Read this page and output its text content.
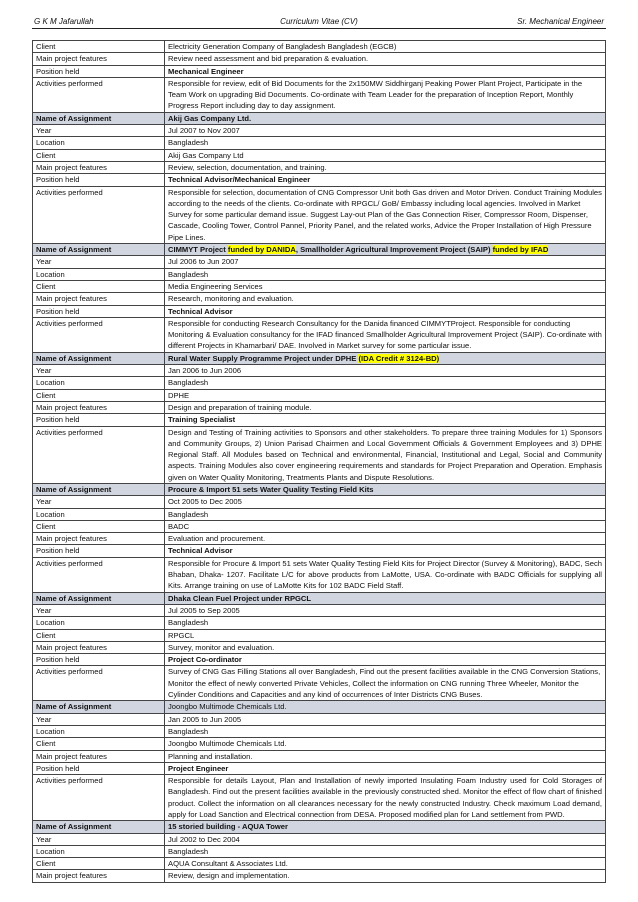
G K M Jafarullah	Curriculum Vitae (CV)	Sr. Mechanical Engineer
Client	Electricity Generation Company of Bangladesh Bangladesh (EGCB)
Main project features	Review need assessment and bid preparation & evaluation.
Position held	Mechanical Engineer
Activities performed	Responsible for review, edit of Bid Documents for the 2x150MW Siddhirganj Peaking Power Plant Project, Participate in the Team Work on upgrading Bid Documents. Co-ordinate with Team Leader for the preparation of Inception Report, Monthly Progress Report including day to day assignment.
Name of Assignment	Akij Gas Company Ltd.
Year	Jul 2007 to Nov 2007
Location	Bangladesh
Client	Akij Gas Company Ltd
Main project features	Review, selection, documentation, and training.
Position held	Technical Advisor/Mechanical Engineer
Activities performed	Responsible for selection, documentation of CNG Compressor Unit both Gas driven and Motor Driven. Conduct Training Modules according to the needs of the clients. Co-ordinate with RPGCL/ GoB/ Embassy including local agencies. Involved in Market Survey for some particular demand issue. Suggest Lay-out Plan of the Gas Connection Riser, Compressor Room, Dispenser, Cascade, Cooling Tower, Control Pannel, Priority Panel, and the related works, Advice the Proper Installation of High Pressure Pipe Lines.
Name of Assignment	CIMMYT Project funded by DANIDA, Smallholder Agricultural Improvement Project (SAIP) funded by IFAD
Year	Jul 2006 to Jun 2007
Location	Bangladesh
Client	Media Engineering Services
Main project features	Research, monitoring and evaluation.
Position held	Technical Advisor
Activities performed	Responsible for conducting Research Consultancy for the Danida financed CIMMYTProject. Responsible for conducting Monitoring & Evaluation consultancy for the IFAD financed Smallholder Agricultural Improvement Project (SAIP). Co-ordinate with different Projects in Khamarbari/ DAE. Involved in Market survey for some particular issue.
Name of Assignment	Rural Water Supply Programme Project under DPHE (IDA Credit # 3124-BD)
Year	Jan 2006 to Jun 2006
Location	Bangladesh
Client	DPHE
Main project features	Design and preparation of training module.
Position held	Training Specialist
Activities performed	Design and Testing of Training activities to Sponsors and other stakeholders. To prepare three training Modules for 1) Sponsors and Community Groups, 2) Union Parisad Chairmen and Local Government Officials & Government Employees and 3) DPHE Regional Staff. All Modules based on Technical and environmental, Financial, Institutional and Legal, Social and Community aspects. Training Modules also cover engineering requirements and standards for Project Preparation and Operation. Emphasis given on Water Quality Monitoring, Treatments Plants and Dispute Resolutions.
Name of Assignment	Procure & Import 51 sets Water Quality Testing Field Kits
Year	Oct 2005 to Dec 2005
Location	Bangladesh
Client	BADC
Main project features	Evaluation and procurement.
Position held	Technical Advisor
Activities performed	Responsible for Procure & Import 51 sets Water Quality Testing Field Kits for Project Director (Survey & Monitoring), BADC, Sech Bhaban, Dhaka- 1207. Facilitate L/C for above products from LaMotte, USA. Co-ordinate with BADC Officials for supplying all Kits. Arrange training on use of LaMotte Kits for 102 BADC Field Staff.
Name of Assignment	Dhaka Clean Fuel Project under RPGCL
Year	Jul 2005 to Sep 2005
Location	Bangladesh
Client	RPGCL
Main project features	Survey, monitor and evaluation.
Position held	Project Co-ordinator
Activities performed	Survey of CNG Gas Filling Stations all over Bangladesh, Find out the present facilities available in the CNG Conversion Stations, Monitor the effect of newly converted Private Vehicles, Collect the information on CNG running Three Wheeler, Monitor the Cylinder Conditions and Capacities and any kind of occurrences of Inter Districts CNG Buses.
Name of Assignment	Joongbo Multimode Chemicals Ltd.
Year	Jan 2005 to Jun 2005
Location	Bangladesh
Client	Joongbo Multimode Chemicals Ltd.
Main project features	Planning and installation.
Position held	Project Engineer
Activities performed	Responsible for details Layout, Plan and Installation of newly imported Insulating Foam Industry used for Cold Storages of Bangladesh. Find out the present facilities available in the previously constructed shed. Monitor the effect of flow chart of finished product. Collect the information on all clearances necessary for the newly constructed Industry. Check maximum Load demand, apply for Load Sanction and Electrical connection from DESA. Proposed modified plan for Land settlement from PWD.
Name of Assignment	15 storied building - AQUA Tower
Year	Jul 2002 to Dec 2004
Location	Bangladesh
Client	AQUA Consultant & Associates Ltd.
Main project features	Review, design and implementation.
